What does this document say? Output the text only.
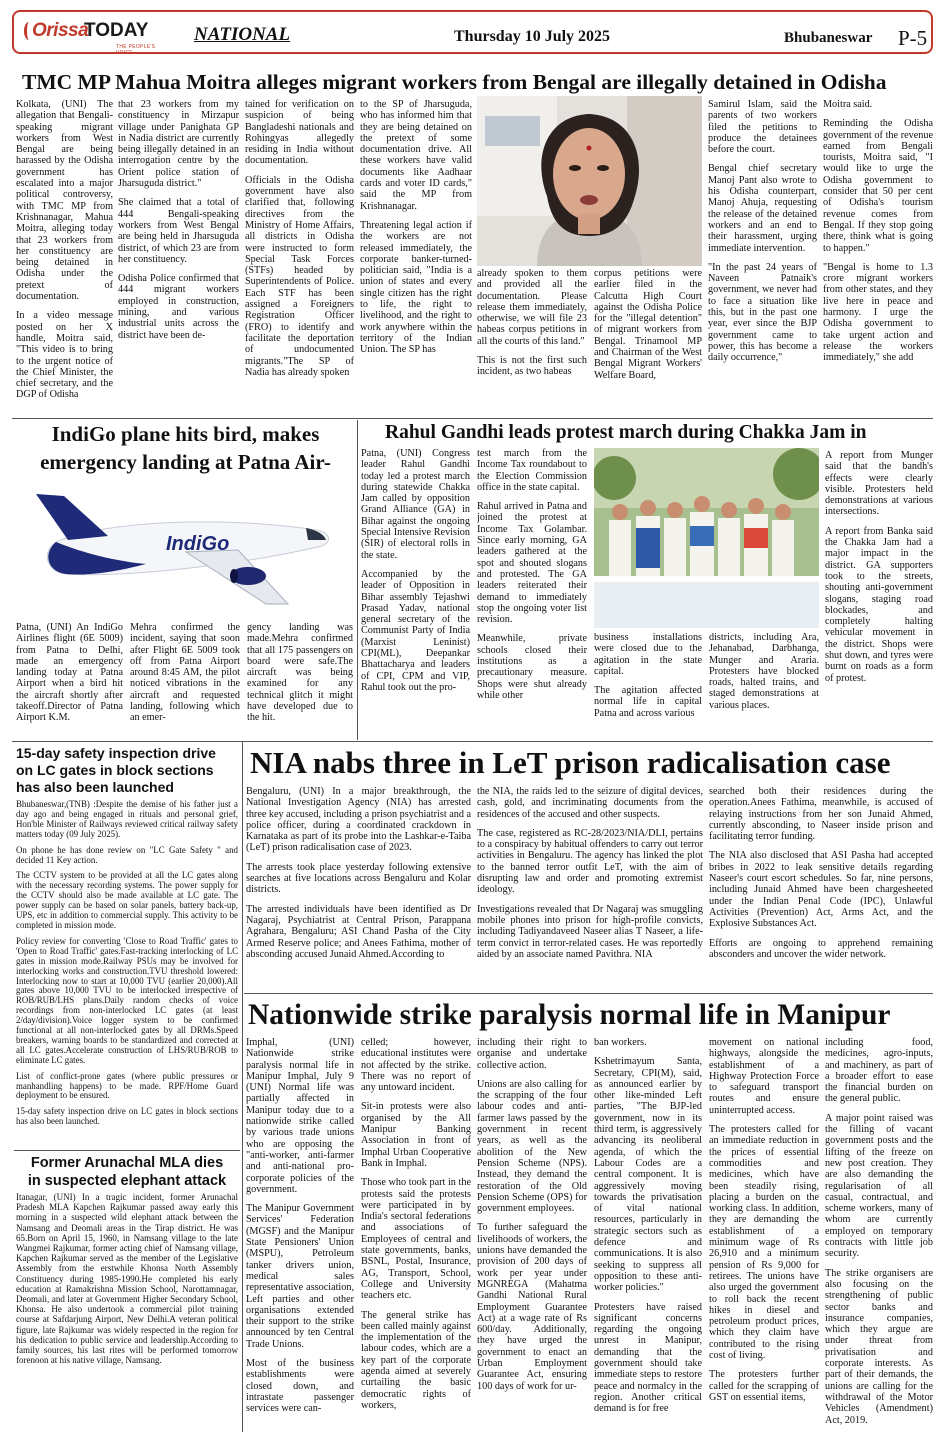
Orissa
TODAY
THE PEOPLE'S VOICE
NATIONAL	Thursday 10 July 2025	Bhubaneswar P-5
TMC MP Mahua Moitra alleges migrant workers from Bengal are illegally detained in Odisha

Kolkata, (UNI) The allegation that Bengali-speaking migrant workers from West Bengal are being harassed by the Odisha government has escalated into a major political controversy, with TMC MP from Krishnanagar, Mahua Moitra, alleging today that 23 workers from her constituency are being detained in Odisha under the pretext of documentation.

In a video message posted on her X handle, Moitra said, "This video is to bring to the urgent notice of the Chief Minister, the chief secretary, and the DGP of Odisha

that 23 workers from my constituency in Mirzapur village under Panighata GP in Nadia district are currently being illegally detained in an interrogation centre by the Orient police station of Jharsuguda district."

She claimed that a total of 444 Bengali-speaking workers from West Bengal are being held in Jharsuguda district, of which 23 are from her constituency.

Odisha Police confirmed that 444 migrant workers employed in construction, mining, and various industrial units across the district have been de-

tained for verification on suspicion of being Bangladeshi nationals and Rohingyas allegedly residing in India without documentation.

Officials in the Odisha government have also clarified that, following directives from the Ministry of Home Affairs, all districts in Odisha were instructed to form Special Task Forces (STFs) headed by Superintendents of Police. Each STF has been assigned a Foreigners Registration Officer (FRO) to identify and facilitate the deportation of undocumented migrants."The SP of Nadia has already spoken

to the SP of Jharsuguda, who has informed him that they are being detained on the pretext of some documentation drive. All these workers have valid documents like Aadhaar cards and voter ID cards," said the MP from Krishnanagar.

Threatening legal action if the workers are not released immediately, the corporate banker-turned-politician said, "India is a union of states and every single citizen has the right to life, the right to livelihood, and the right to work anywhere within the territory of the Indian Union. The SP has

already spoken to them and provided all the documentation. Please release them immediately, otherwise, we will file 23 habeas corpus petitions in all the courts of this land."

This is not the first such incident, as two habeas

corpus petitions were earlier filed in the Calcutta High Court against the Odisha Police for the "illegal detention" of migrant workers from Bengal. Trinamool MP and Chairman of the West Bengal Migrant Workers' Welfare Board,

Samirul Islam, said the parents of two workers filed the petitions to produce the detainees before the court.

Bengal chief secretary Manoj Pant also wrote to his Odisha counterpart, Manoj Ahuja, requesting the release of the detained workers and an end to their harassment, urging immediate intervention.

"In the past 24 years of Naveen Patnaik's government, we never had to face a situation like this, but in the past one year, ever since the BJP government came to power, this has become a daily occurrence,"

Moitra said.

Reminding the Odisha government of the revenue earned from Bengali tourists, Moitra said, "I would like to urge the Odisha government to consider that 50 per cent of Odisha's tourism revenue comes from Bengal. If they stop going there, think what is going to happen."

"Bengal is home to 1.3 crore migrant workers from other states, and they live here in peace and harmony. I urge the Odisha government to take urgent action and release the workers immediately," she add

IndiGo plane hits bird, makes
emergency landing at Patna Air-
IndiGo

Patna, (UNI) An IndiGo Airlines flight (6E 5009) from Patna to Delhi, made an emergency landing today at Patna Airport when a bird hit the aircraft shortly after takeoff.Director of Patna Airport K.M.

Mehra confirmed the incident, saying that soon after Flight 6E 5009 took off from Patna Airport around 8:45 AM, the pilot noticed vibrations in the aircraft and requested landing, following which an emer-

gency landing was made.Mehra confirmed that all 175 passengers on board were safe.The aircraft was being examined for any technical glitch it might have developed due to the hit.

Rahul Gandhi leads protest march during Chakka Jam in

Patna, (UNI) Congress leader Rahul Gandhi today led a protest march during statewide Chakka Jam called by opposition Grand Alliance (GA) in Bihar against the ongoing Special Intensive Revision (SIR) of electoral rolls in the state.

Accompanied by the leader of Opposition in Bihar assembly Tejashwi Prasad Yadav, national general secretary of the Communist Party of India (Marxist Leninist) CPI(ML), Deepankar Bhattacharya and leaders of CPI, CPM and VIP, Rahul took out the pro-

test march from the Income Tax roundabout to the Election Commission office in the state capital.

Rahul arrived in Patna and joined the protest at Income Tax Golambar. Since early morning, GA leaders gathered at the spot and shouted slogans and protested. The GA leaders reiterated their demand to immediately stop the ongoing voter list revision.

Meanwhile, private schools closed their institutions as a precautionary measure. Shops were shut already while other

business installations were closed due to the agitation in the state capital.

The agitation affected normal life in capital Patna and across various

districts, including Ara, Jehanabad, Darbhanga, Munger and Araria. Protesters have blocked roads, halted trains, and staged demonstrations at various places.

A report from Munger said that the bandh's effects were clearly visible. Protesters held demonstrations at various intersections.

A report from Banka said the Chakka Jam had a major impact in the district. GA supporters took to the streets, shouting anti-government slogans, staging road blockades, and completely halting vehicular movement in the district. Shops were shut down, and tyres were burnt on roads as a form of protest.

15-day safety inspection drive
on LC gates in block sections
has also been launched

Bhubaneswar,(TNB) :Despite the demise of his father just a day ago and being engaged in rituals and personal grief, Hon'ble Minister of Railways reviewed critical railway safety matters today (09 July 2025).

On phone he has done review on "LC Gate Safety " and decided 11 Key action.

The CCTV system to be provided at all the LC gates along with the necessary recording systems. The power supply for the CCTV should also be made available at LC gate. The power supply can be based on solar panels, battery back-up, UPS, etc in addition to commercial supply. This activity to be completed in mission mode.

Policy review for converting 'Close to Road Traffic' gates to 'Open to Road Traffic' gates.Fast-tracking interlocking of LC gates in mission mode.Railway PSUs may be involved for interlocking works and construction.TVU threshold lowered: Interlocking now to start at 10,000 TVU (earlier 20,000).All gates above 10,000 TVU to be interlocked irrespective of ROB/RUB/LHS plans.Daily random checks of voice recordings from non-interlocked LC gates (at least 2/day/division).Voice logger system to be confirmed functional at all non-interlocked gates by all DRMs.Speed breakers, warning boards to be standardized and corrected at all LC gates.Accelerate construction of LHS/RUB/ROB to eliminate LC gates.

List of conflict-prone gates (where public pressures or manhandling happens) to be made. RPF/Home Guard deployment to be ensured.

15-day safety inspection drive on LC gates in block sections has also been launched.

Former Arunachal MLA dies
in suspected elephant attack

Itanagar, (UNI) In a tragic incident, former Arunachal Pradesh MLA Kapchen Rajkumar passed away early this morning in a suspected wild elephant attack between the Namsang and Deomali areas in the Tirap district. He was 65.Born on April 15, 1960, in Namsang village to the late Wangmei Rajkumar, former acting chief of Namsang village, Kapchen Rajkumar served as the member of the Legislative Assembly from the erstwhile Khonsa North Assembly Constituency during 1985-1990.He completed his early education at Ramakrishna Mission School, Narottamnagar, Deomali, and later at Government Higher Secondary School, Khonsa. He also undertook a commercial pilot training course at Safdarjung Airport, New Delhi.A veteran political figure, late Rajkumar was widely respected in the region for his dedication to public service and leadership.According to family sources, his last rites will be performed tomorrow forenoon at his native village, Namsang.

NIA nabs three in LeT prison radicalisation case

Bengaluru, (UNI) In a major breakthrough, the National Investigation Agency (NIA) has arrested three key accused, including a prison psychiatrist and a police officer, during a coordinated crackdown in Karnataka as part of its probe into the Lashkar-e-Taiba (LeT) prison radicalisation case of 2023.

The arrests took place yesterday following extensive searches at five locations across Bengaluru and Kolar districts.

The arrested individuals have been identified as Dr Nagaraj, Psychiatrist at Central Prison, Parappana Agrahara, Bengaluru; ASI Chand Pasha of the City Armed Reserve police; and Anees Fathima, mother of absconding accused Junaid Ahmed.According to

the NIA, the raids led to the seizure of digital devices, cash, gold, and incriminating documents from the residences of the accused and other suspects.

The case, registered as RC-28/2023/NIA/DLI, pertains to a conspiracy by habitual offenders to carry out terror activities in Bengaluru. The agency has linked the plot to the banned terror outfit LeT, with the aim of disrupting law and order and promoting extremist ideology.

Investigations revealed that Dr Nagaraj was smuggling mobile phones into prison for high-profile convicts, including Tadiyandaveed Naseer alias T Naseer, a life-term convict in terror-related cases. He was reportedly aided by an associate named Pavithra. NIA

searched both their residences during the operation.Anees Fathima, meanwhile, is accused of relaying instructions from her son Junaid Ahmed, currently absconding, to Naseer inside prison and facilitating terror funding.

The NIA also disclosed that ASI Pasha had accepted bribes in 2022 to leak sensitive details regarding Naseer's court escort schedules. So far, nine persons, including Junaid Ahmed have been chargesheeted under the Indian Penal Code (IPC), Unlawful Activities (Prevention) Act, Arms Act, and the Explosive Substances Act.

Efforts are ongoing to apprehend remaining absconders and uncover the wider network.

Nationwide strike paralysis normal life in Manipur

Imphal, (UNI) Nationwide strike paralysis normal life in Manipur Imphal, July 9 (UNI) Normal life was partially affected in Manipur today due to a nationwide strike called by various trade unions who are opposing the "anti-worker, anti-farmer and anti-national pro-corporate policies of the government.

The Manipur Government Services' Federation (MGSF) and the Manipur State Pensioners' Union (MSPU), Petroleum tanker drivers union, medical sales representative association, Left parties and other organisations extended their support to the strike announced by ten Central Trade Unions.

Most of the business establishments were closed down, and intrastate passenger services were can-

celled; however, educational institutes were not affected by the strike. There was no report of any untoward incident.

Sit-in protests were also organised by the All Manipur Banking Association in front of Imphal Urban Cooperative Bank in Imphal.

Those who took part in the protests said the protests were participated in by India's sectoral federations and associations of Employees of central and state governments, banks, BSNL, Postal, Insurance, AG, Transport, School, College and University teachers etc.

The general strike has been called mainly against the implementation of the labour codes, which are a key part of the corporate agenda aimed at severely curtailing the basic democratic rights of workers,

including their right to organise and undertake collective action.

Unions are also calling for the scrapping of the four labour codes and anti-farmer laws passed by the government in recent years, as well as the abolition of the New Pension Scheme (NPS). Instead, they demand the restoration of the Old Pension Scheme (OPS) for government employees.

To further safeguard the livelihoods of workers, the unions have demanded the provision of 200 days of work per year under MGNREGA (Mahatma Gandhi National Rural Employment Guarantee Act) at a wage rate of Rs 600/day. Additionally, they have urged the government to enact an Urban Employment Guarantee Act, ensuring 100 days of work for ur-

ban workers.

Kshetrimayum Santa, Secretary, CPI(M), said, as announced earlier by other like-minded Left parties, "The BJP-led government, now in its third term, is aggressively advancing its neoliberal agenda, of which the Labour Codes are a central component. It is aggressively moving towards the privatisation of vital national resources, particularly in strategic sectors such as defence and communications. It is also seeking to suppress all opposition to these anti-worker policies."

Protesters have raised significant concerns regarding the ongoing unrest in Manipur, demanding that the government should take immediate steps to restore peace and normalcy in the region. Another critical demand is for free

movement on national highways, alongside the establishment of a Highway Protection Force to safeguard transport routes and ensure uninterrupted access.

The protesters called for an immediate reduction in the prices of essential commodities and medicines, which have been steadily rising, placing a burden on the working class. In addition, they are demanding the establishment of a minimum wage of Rs 26,910 and a minimum pension of Rs 9,000 for retirees. The unions have also urged the government to roll back the recent hikes in diesel and petroleum product prices, which they claim have contributed to the rising cost of living.

The protesters further called for the scrapping of GST on essential items,

including food, medicines, agro-inputs, and machinery, as part of a broader effort to ease the financial burden on the general public.

A major point raised was the filling of vacant government posts and the lifting of the freeze on new post creation. They are also demanding the regularisation of all casual, contractual, and scheme workers, many of whom are currently employed on temporary contracts with little job security.

The strike organisers are also focusing on the strengthening of public sector banks and insurance companies, which they argue are under threat from privatisation and corporate interests. As part of their demands, the unions are calling for the withdrawal of the Motor Vehicles (Amendment) Act, 2019.
